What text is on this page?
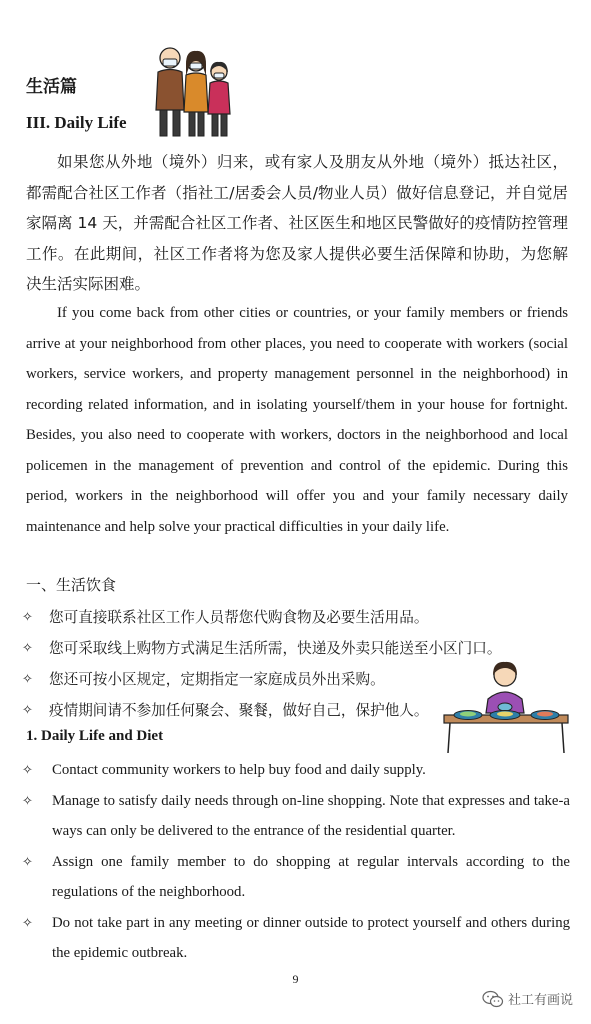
生活篇
III. Daily Life

如果您从外地（境外）归来，或有家人及朋友从外地（境外）抵达社区，都需配合社区工作者（指社工/居委会人员/物业人员）做好信息登记，并自觉居家隔离 14 天，并需配合社区工作者、社区医生和地区民警做好的疫情防控管理工作。在此期间，社区工作者将为您及家人提供必要生活保障和协助，为您解决生活实际困难。

If you come back from other cities or countries, or your family members or friends arrive at your neighborhood from other places, you need to cooperate with workers (social workers, service workers, and property management personnel in the neighborhood) in recording related information, and in isolating yourself/them in your house for fortnight. Besides, you also need to cooperate with workers, doctors in the neighborhood and local policemen in the management of prevention and control of the epidemic. During this period, workers in the neighborhood will offer you and your family necessary daily maintenance and help solve your practical difficulties in your daily life.

一、生活饮食
✧ 您可直接联系社区工作人员帮您代购食物及必要生活用品。
✧ 您可采取线上购物方式满足生活所需，快递及外卖只能送至小区门口。
✧ 您还可按小区规定，定期指定一家庭成员外出采购。
✧ 疫情期间请不参加任何聚会、聚餐，做好自己，保护他人。
1. Daily Life and Diet
✧ Contact community workers to help buy food and daily supply.
✧ Manage to satisfy daily needs through on-line shopping. Note that expresses and take-a ways can only be delivered to the entrance of the residential quarter.
✧ Assign one family member to do shopping at regular intervals according to the regulations of the neighborhood.
✧ Do not take part in any meeting or dinner outside to protect yourself and others during the epidemic outbreak.
9
社工有画说
